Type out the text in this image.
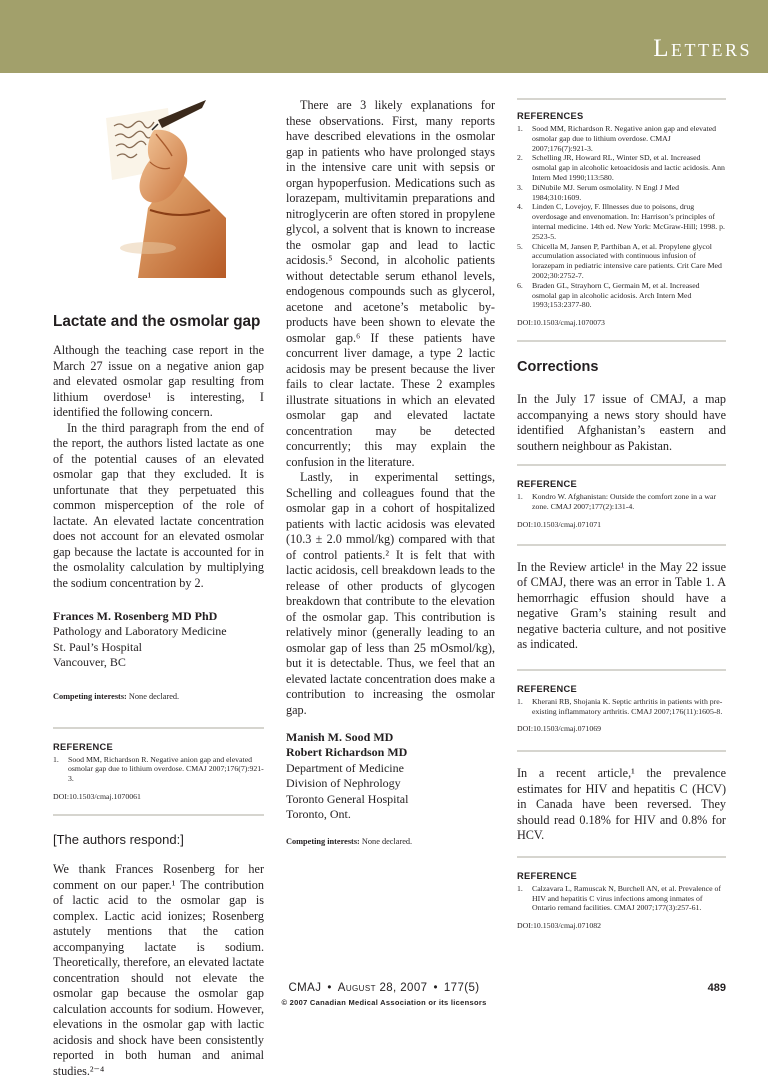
Letters
Lactate and the osmolar gap

Although the teaching case report in the March 27 issue on a negative anion gap and elevated osmolar gap resulting from lithium overdose¹ is interesting, I identified the following concern.

In the third paragraph from the end of the report, the authors listed lactate as one of the potential causes of an elevated osmolar gap that they excluded. It is unfortunate that they perpetuated this common misperception of the role of lactate. An elevated lactate concentration does not account for an elevated osmolar gap because the lactate is accounted for in the osmolality calculation by multiplying the sodium concentration by 2.

Frances M. Rosenberg MD PhD
Pathology and Laboratory Medicine
St. Paul’s Hospital
Vancouver, BC
Competing interests: None declared.
REFERENCE
1. Sood MM, Richardson R. Negative anion gap and elevated osmolar gap due to lithium overdose. CMAJ 2007;176(7):921-3.
DOI:10.1503/cmaj.1070061
[The authors respond:]

We thank Frances Rosenberg for her comment on our paper.¹ The contribution of lactic acid to the osmolar gap is complex. Lactic acid ionizes; Rosenberg astutely mentions that the cation accompanying lactate is sodium. Theoretically, therefore, an elevated lactate concentration should not elevate the osmolar gap because the osmolar gap calculation accounts for sodium. However, elevations in the osmolar gap with lactic acidosis and shock have been consistently reported in both human and animal studies.²⁻⁴

There are 3 likely explanations for these observations. First, many reports have described elevations in the osmolar gap in patients who have prolonged stays in the intensive care unit with sepsis or organ hypoperfusion. Medications such as lorazepam, multivitamin preparations and nitroglycerin are often stored in propylene glycol, a solvent that is known to increase the osmolar gap and lead to lactic acidosis.⁵ Second, in alcoholic patients without detectable serum ethanol levels, endogenous compounds such as glycerol, acetone and acetone’s metabolic by-products have been shown to elevate the osmolar gap.⁶ If these patients have concurrent liver damage, a type 2 lactic acidosis may be present because the liver fails to clear lactate. These 2 examples illustrate situations in which an elevated osmolar gap and elevated lactate concentration may be detected concurrently; this may explain the confusion in the literature.

Lastly, in experimental settings, Schelling and colleagues found that the osmolar gap in a cohort of hospitalized patients with lactic acidosis was elevated (10.3 ± 2.0 mmol/kg) compared with that of control patients.² It is felt that with lactic acidosis, cell breakdown leads to the release of other products of glycogen breakdown that contribute to the elevation of the osmolar gap. This contribution is relatively minor (generally leading to an osmolar gap of less than 25 mOsmol/kg), but it is detectable. Thus, we feel that an elevated lactate concentration does make a contribution to increasing the osmolar gap.

Manish M. Sood MD
Robert Richardson MD
Department of Medicine
Division of Nephrology
Toronto General Hospital
Toronto, Ont.
Competing interests: None declared.
REFERENCES
1. Sood MM, Richardson R. Negative anion gap and elevated osmolar gap due to lithium overdose. CMAJ 2007;176(7):921-3.
2. Schelling JR, Howard RL, Winter SD, et al. Increased osmolal gap in alcoholic ketoacidosis and lactic acidosis. Ann Intern Med 1990;113:580.
3. DiNubile MJ. Serum osmolality. N Engl J Med 1984;310:1609.
4. Linden C, Lovejoy, F. Illnesses due to poisons, drug overdosage and envenomation. In: Harrison’s principles of internal medicine. 14th ed. New York: McGraw-Hill; 1998. p. 2523-5.
5. Chicella M, Jansen P, Parthiban A, et al. Propylene glycol accumulation associated with continuous infusion of lorazepam in pediatric intensive care patients. Crit Care Med 2002;30:2752-7.
6. Braden GL, Strayhorn C, Germain M, et al. Increased osmolal gap in alcoholic acidosis. Arch Intern Med 1993;153:2377-80.
DOI:10.1503/cmaj.1070073
Corrections

In the July 17 issue of CMAJ, a map accompanying a news story should have identified Afghanistan’s eastern and southern neighbour as Pakistan.

REFERENCE
1. Kondro W. Afghanistan: Outside the comfort zone in a war zone. CMAJ 2007;177(2):131-4.
DOI:10.1503/cmaj.071071

In the Review article¹ in the May 22 issue of CMAJ, there was an error in Table 1. A hemorrhagic effusion should have a negative Gram’s staining result and negative bacteria culture, and not positive as indicated.

REFERENCE
1. Kherani RB, Shojania K. Septic arthritis in patients with pre-existing inflammatory arthritis. CMAJ 2007;176(11):1605-8.
DOI:10.1503/cmaj.071069

In a recent article,¹ the prevalence estimates for HIV and hepatitis C (HCV) in Canada have been reversed. They should read 0.18% for HIV and 0.8% for HCV.

REFERENCE
1. Calzavara L, Ramuscak N, Burchell AN, et al. Prevalence of HIV and hepatitis C virus infections among inmates of Ontario remand facilities. CMAJ 2007;177(3):257-61.
DOI:10.1503/cmaj.071082
CMAJ • August 28, 2007 • 177(5)	489
© 2007 Canadian Medical Association or its licensors
